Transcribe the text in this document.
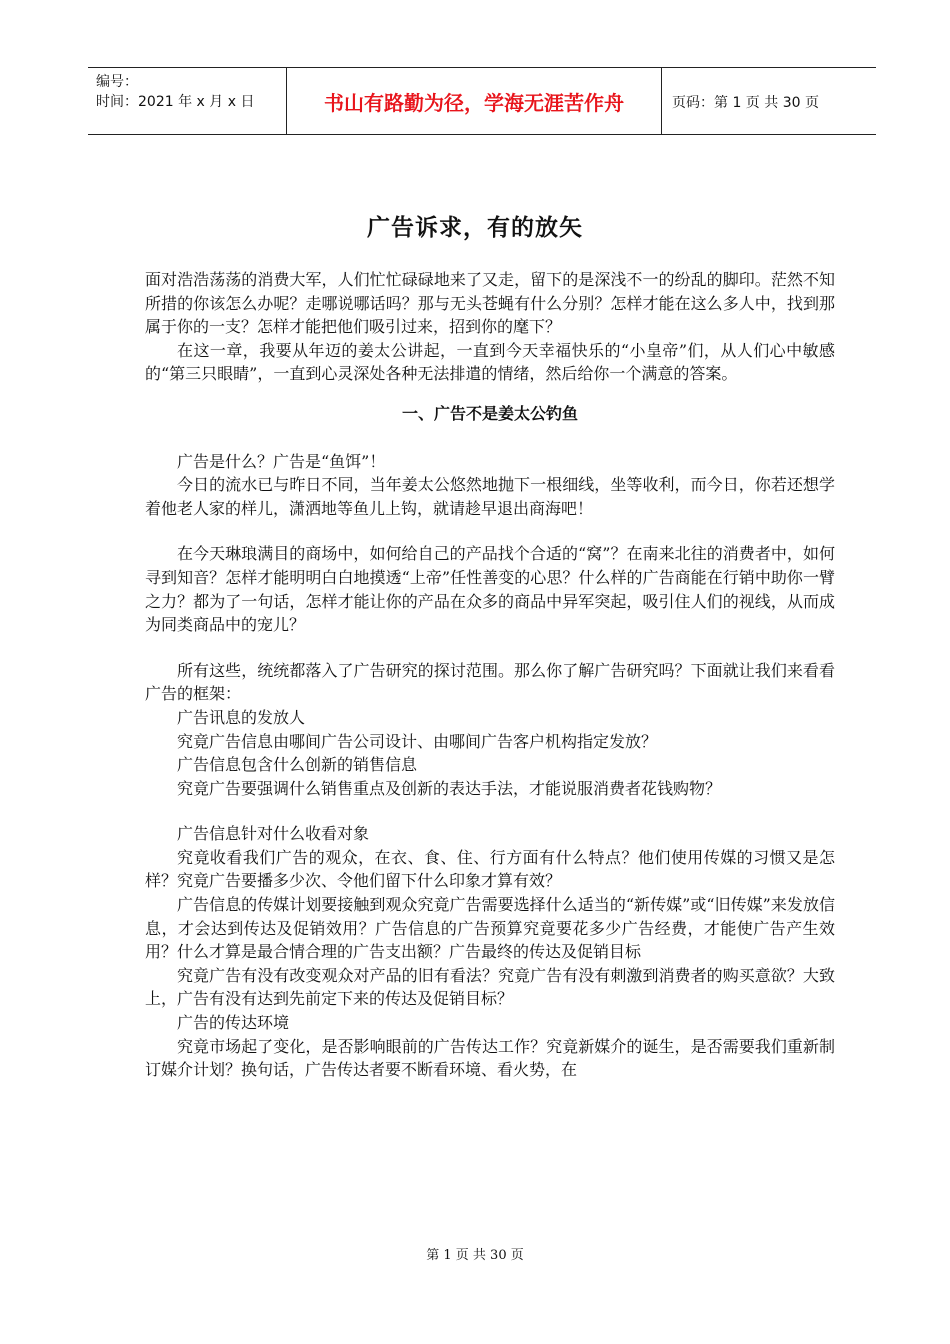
编号：
时间：2021 年 x 月 x 日	书山有路勤为径，学海无涯苦作舟	页码：第 1 页 共 30 页
广告诉求，有的放矢

面对浩浩荡荡的消费大军，人们忙忙碌碌地来了又走，留下的是深浅不一的纷乱的脚印。茫然不知所措的你该怎么办呢？走哪说哪话吗？那与无头苍蝇有什么分别？怎样才能在这么多人中，找到那属于你的一支？怎样才能把他们吸引过来，招到你的麾下？

在这一章，我要从年迈的姜太公讲起，一直到今天幸福快乐的“小皇帝”们，从人们心中敏感的“第三只眼睛”，一直到心灵深处各种无法排遣的情绪，然后给你一个满意的答案。

一、广告不是姜太公钓鱼

广告是什么？广告是“鱼饵”！

今日的流水已与昨日不同，当年姜太公悠然地抛下一根细线，坐等收利，而今日，你若还想学着他老人家的样儿，潇洒地等鱼儿上钩，就请趁早退出商海吧！

在今天琳琅满目的商场中，如何给自己的产品找个合适的“窝”？在南来北往的消费者中，如何寻到知音？怎样才能明明白白地摸透“上帝”任性善变的心思？什么样的广告商能在行销中助你一臂之力？都为了一句话，怎样才能让你的产品在众多的商品中异军突起，吸引住人们的视线，从而成为同类商品中的宠儿？

所有这些，统统都落入了广告研究的探讨范围。那么你了解广告研究吗？下面就让我们来看看广告的框架：

广告讯息的发放人

究竟广告信息由哪间广告公司设计、由哪间广告客户机构指定发放？

广告信息包含什么创新的销售信息

究竟广告要强调什么销售重点及创新的表达手法，才能说服消费者花钱购物？

广告信息针对什么收看对象

究竟收看我们广告的观众，在衣、食、住、行方面有什么特点？他们使用传媒的习惯又是怎样？究竟广告要播多少次、令他们留下什么印象才算有效？

广告信息的传媒计划要接触到观众究竟广告需要选择什么适当的“新传媒”或“旧传媒”来发放信息，才会达到传达及促销效用？广告信息的广告预算究竟要花多少广告经费，才能使广告产生效用？什么才算是最合情合理的广告支出额？广告最终的传达及促销目标

究竟广告有没有改变观众对产品的旧有看法？究竟广告有没有刺激到消费者的购买意欲？大致上，广告有没有达到先前定下来的传达及促销目标？

广告的传达环境

究竟市场起了变化，是否影响眼前的广告传达工作？究竟新媒介的诞生，是否需要我们重新制订媒介计划？换句话，广告传达者要不断看环境、看火势，在

第 1 页 共 30 页
